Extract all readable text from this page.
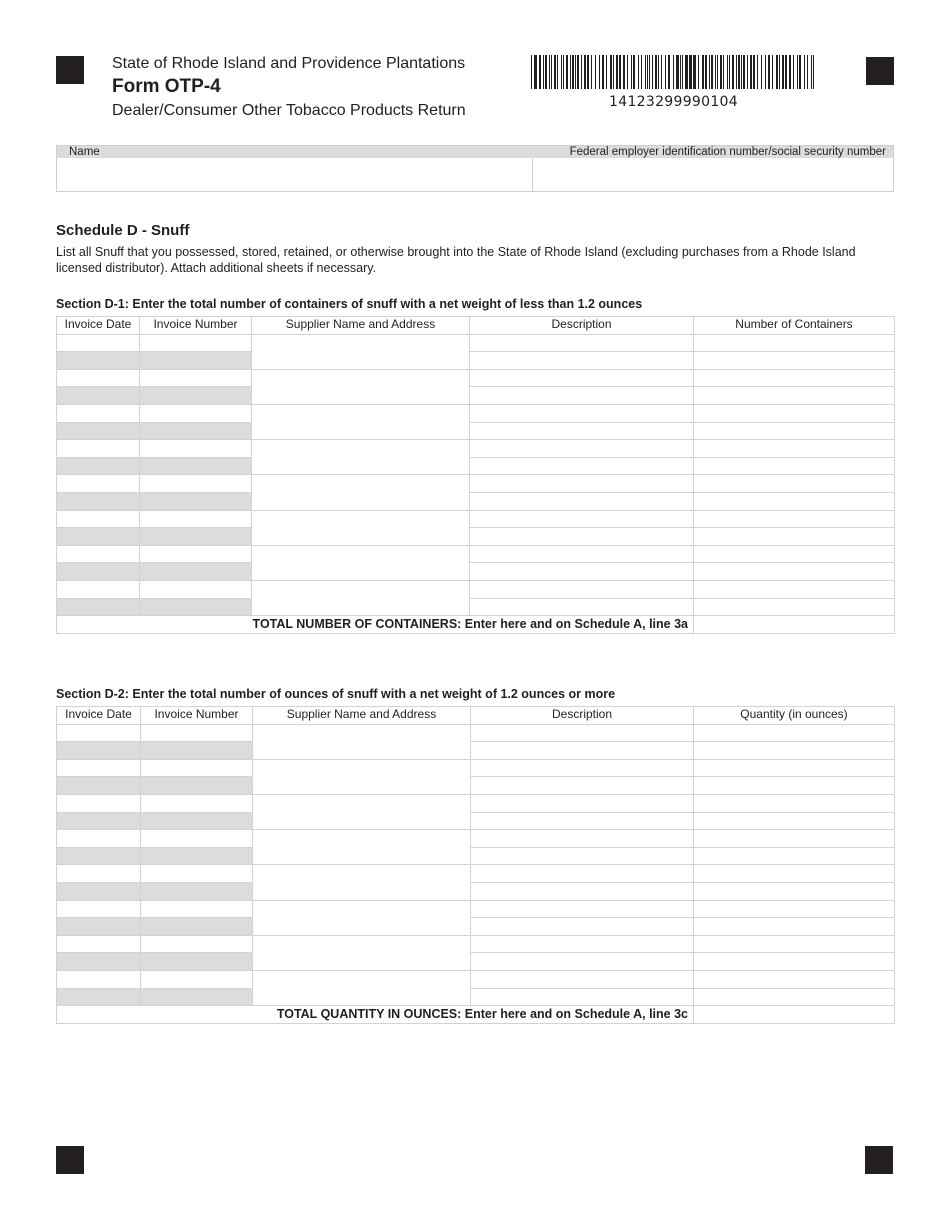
State of Rhode Island and Providence Plantations
Form OTP-4
Dealer/Consumer Other Tobacco Products Return	14123299990104
Name	Federal employer identification number/social security number
Schedule D - Snuff
List all Snuff that you possessed, stored, retained, or otherwise brought into the State of Rhode Island (excluding purchases from a Rhode Island licensed distributor). Attach additional sheets if necessary.
Section D-1: Enter the total number of containers of snuff with a net weight of less than 1.2 ounces
Invoice Date	Invoice Number	Supplier Name and Address	Description	Number of Containers

TOTAL NUMBER OF CONTAINERS: Enter here and on Schedule A, line 3a				
Section D-2: Enter the total number of ounces of snuff with a net weight of 1.2 ounces or more
Invoice Date	Invoice Number	Supplier Name and Address	Description	Quantity (in ounces)

TOTAL QUANTITY IN OUNCES: Enter here and on Schedule A, line 3c				
